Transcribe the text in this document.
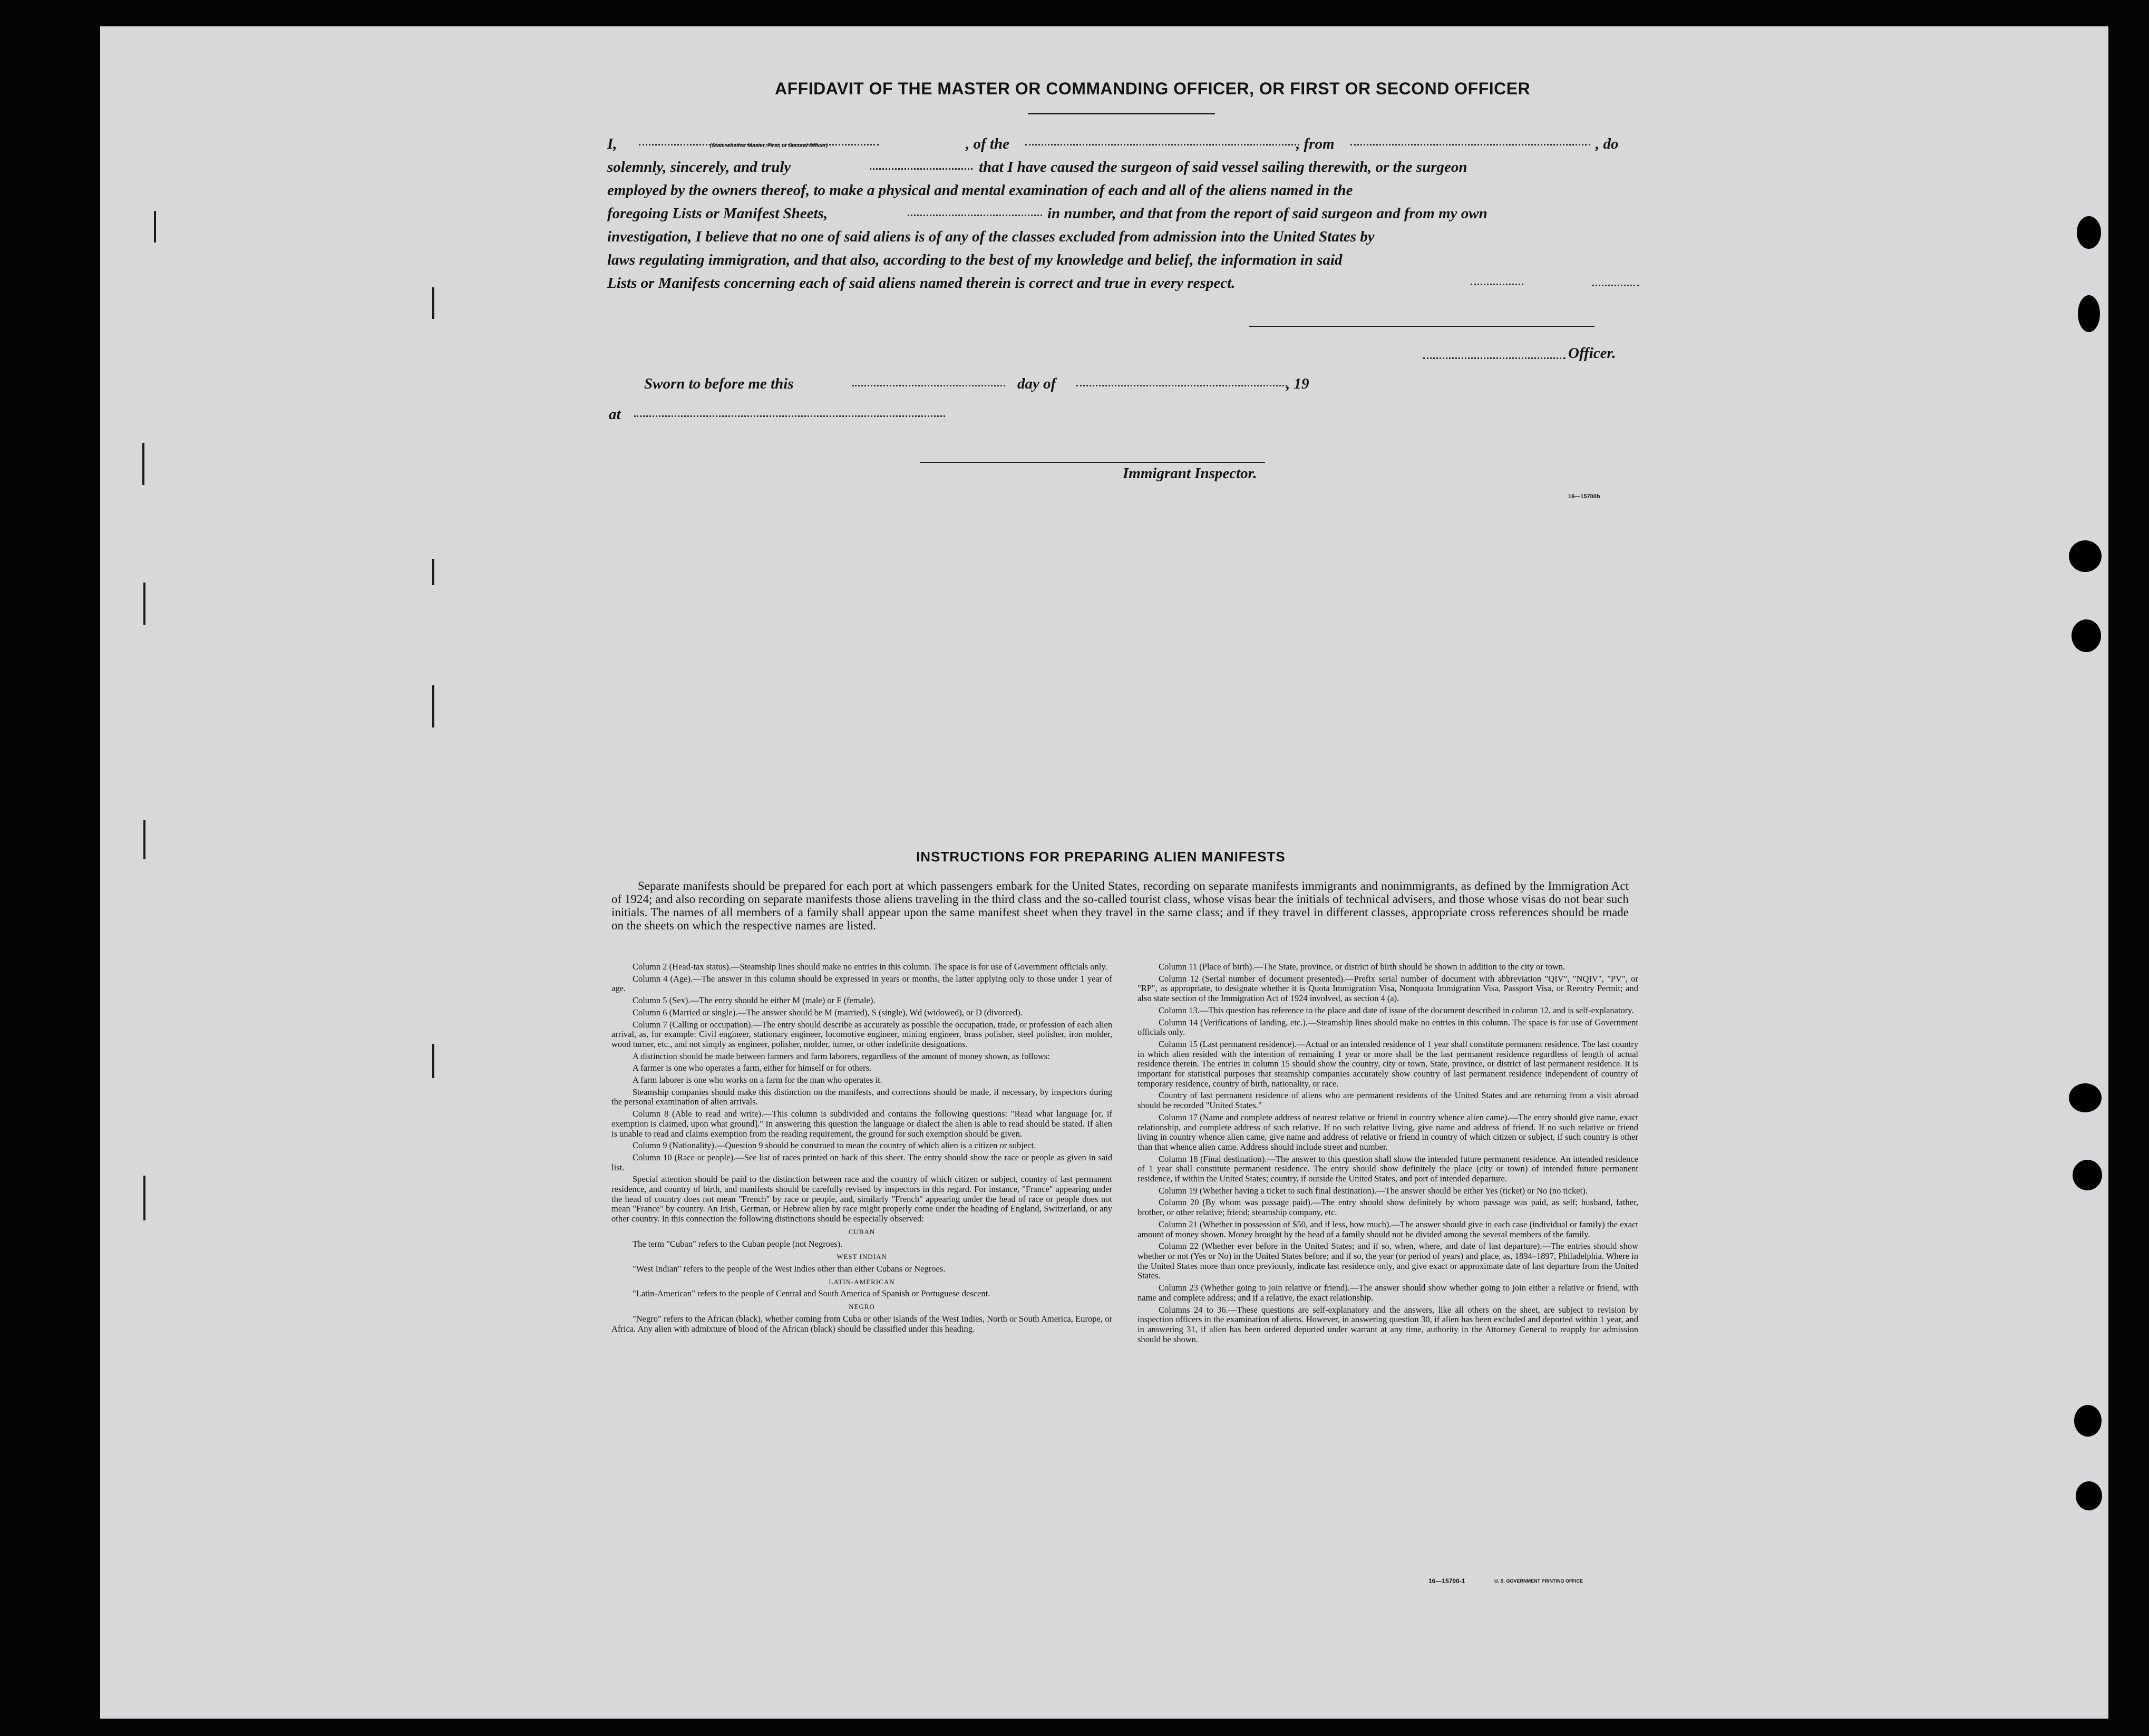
AFFIDAVIT OF THE MASTER OR COMMANDING OFFICER, OR FIRST OR SECOND OFFICER
I,	(State whether Master, First, or Second Officer)	, of the	, from	, do
solemnly, sincerely, and truly	that I have caused the surgeon of said vessel sailing therewith, or the surgeon
employed by the owners thereof, to make a physical and mental examination of each and all of the aliens named in the
foregoing Lists or Manifest Sheets,	in number, and that from the report of said surgeon and from my own
investigation, I believe that no one of said aliens is of any of the classes excluded from admission into the United States by
laws regulating immigration, and that also, according to the best of my knowledge and belief, the information in said
Lists or Manifests concerning each of said aliens named therein is correct and true in every respect.
Officer.
Sworn to before me this	day of	, 19
at
Immigrant Inspector.
16—15700b
INSTRUCTIONS FOR PREPARING ALIEN MANIFESTS
Separate manifests should be prepared for each port at which passengers embark for the United States, recording on separate manifests immigrants and nonimmigrants, as defined by the Immigration Act of 1924; and also recording on separate manifests those aliens traveling in the third class and the so-called tourist class, whose visas bear the initials of technical advisers, and those whose visas do not bear such initials. The names of all members of a family shall appear upon the same manifest sheet when they travel in the same class; and if they travel in different classes, appropriate cross references should be made on the sheets on which the respective names are listed.

Column 2 (Head-tax status).—Steamship lines should make no entries in this column. The space is for use of Government officials only.

Column 4 (Age).—The answer in this column should be expressed in years or months, the latter applying only to those under 1 year of age.

Column 5 (Sex).—The entry should be either M (male) or F (female).

Column 6 (Married or single).—The answer should be M (married), S (single), Wd (widowed), or D (divorced).

Column 7 (Calling or occupation).—The entry should describe as accurately as possible the occupation, trade, or profession of each alien arrival, as, for example: Civil engineer, stationary engineer, locomotive engineer, mining engineer, brass polisher, steel polisher, iron molder, wood turner, etc., and not simply as engineer, polisher, molder, turner, or other indefinite designations.

A distinction should be made between farmers and farm laborers, regardless of the amount of money shown, as follows:

A farmer is one who operates a farm, either for himself or for others.

A farm laborer is one who works on a farm for the man who operates it.

Steamship companies should make this distinction on the manifests, and corrections should be made, if necessary, by inspectors during the personal examination of alien arrivals.

Column 8 (Able to read and write).—This column is subdivided and contains the following questions: "Read what language [or, if exemption is claimed, upon what ground]." In answering this question the language or dialect the alien is able to read should be stated. If alien is unable to read and claims exemption from the reading requirement, the ground for such exemption should be given.

Column 9 (Nationality).—Question 9 should be construed to mean the country of which alien is a citizen or subject.

Column 10 (Race or people).—See list of races printed on back of this sheet. The entry should show the race or people as given in said list.

Special attention should be paid to the distinction between race and the country of which citizen or subject, country of last permanent residence, and country of birth, and manifests should be carefully revised by inspectors in this regard. For instance, "France" appearing under the head of country does not mean "French" by race or people, and, similarly "French" appearing under the head of race or people does not mean "France" by country. An Irish, German, or Hebrew alien by race might properly come under the heading of England, Switzerland, or any other country. In this connection the following distinctions should be especially observed:

CUBAN

The term "Cuban" refers to the Cuban people (not Negroes).

WEST INDIAN

"West Indian" refers to the people of the West Indies other than either Cubans or Negroes.

LATIN-AMERICAN

"Latin-American" refers to the people of Central and South America of Spanish or Portuguese descent.

NEGRO

"Negro" refers to the African (black), whether coming from Cuba or other islands of the West Indies, North or South America, Europe, or Africa. Any alien with admixture of blood of the African (black) should be classified under this heading.

Column 11 (Place of birth).—The State, province, or district of birth should be shown in addition to the city or town.

Column 12 (Serial number of document presented).—Prefix serial number of document with abbreviation "QIV", "NQIV", "PV", or "RP", as appropriate, to designate whether it is Quota Immigration Visa, Nonquota Immigration Visa, Passport Visa, or Reentry Permit; and also state section of the Immigration Act of 1924 involved, as section 4 (a).

Column 13.—This question has reference to the place and date of issue of the document described in column 12, and is self-explanatory.

Column 14 (Verifications of landing, etc.).—Steamship lines should make no entries in this column. The space is for use of Government officials only.

Column 15 (Last permanent residence).—Actual or an intended residence of 1 year shall constitute permanent residence. The last country in which alien resided with the intention of remaining 1 year or more shall be the last permanent residence regardless of length of actual residence therein. The entries in column 15 should show the country, city or town, State, province, or district of last permanent residence. It is important for statistical purposes that steamship companies accurately show country of last permanent residence independent of country of temporary residence, country of birth, nationality, or race.

Country of last permanent residence of aliens who are permanent residents of the United States and are returning from a visit abroad should be recorded "United States."

Column 17 (Name and complete address of nearest relative or friend in country whence alien came).—The entry should give name, exact relationship, and complete address of such relative. If no such relative living, give name and address of friend. If no such relative or friend living in country whence alien came, give name and address of relative or friend in country of which citizen or subject, if such country is other than that whence alien came. Address should include street and number.

Column 18 (Final destination).—The answer to this question shall show the intended future permanent residence. An intended residence of 1 year shall constitute permanent residence. The entry should show definitely the place (city or town) of intended future permanent residence, if within the United States; country, if outside the United States, and port of intended departure.

Column 19 (Whether having a ticket to such final destination).—The answer should be either Yes (ticket) or No (no ticket).

Column 20 (By whom was passage paid).—The entry should show definitely by whom passage was paid, as self; husband, father, brother, or other relative; friend; steamship company, etc.

Column 21 (Whether in possession of $50, and if less, how much).—The answer should give in each case (individual or family) the exact amount of money shown. Money brought by the head of a family should not be divided among the several members of the family.

Column 22 (Whether ever before in the United States; and if so, when, where, and date of last departure).—The entries should show whether or not (Yes or No) in the United States before; and if so, the year (or period of years) and place, as, 1894–1897, Philadelphia. Where in the United States more than once previously, indicate last residence only, and give exact or approximate date of last departure from the United States.

Column 23 (Whether going to join relative or friend).—The answer should show whether going to join either a relative or friend, with name and complete address; and if a relative, the exact relationship.

Columns 24 to 36.—These questions are self-explanatory and the answers, like all others on the sheet, are subject to revision by inspection officers in the examination of aliens. However, in answering question 30, if alien has been excluded and deported within 1 year, and in answering 31, if alien has been ordered deported under warrant at any time, authority in the Attorney General to reapply for admission should be shown.

16—15700-1	U. S. GOVERNMENT PRINTING OFFICE
